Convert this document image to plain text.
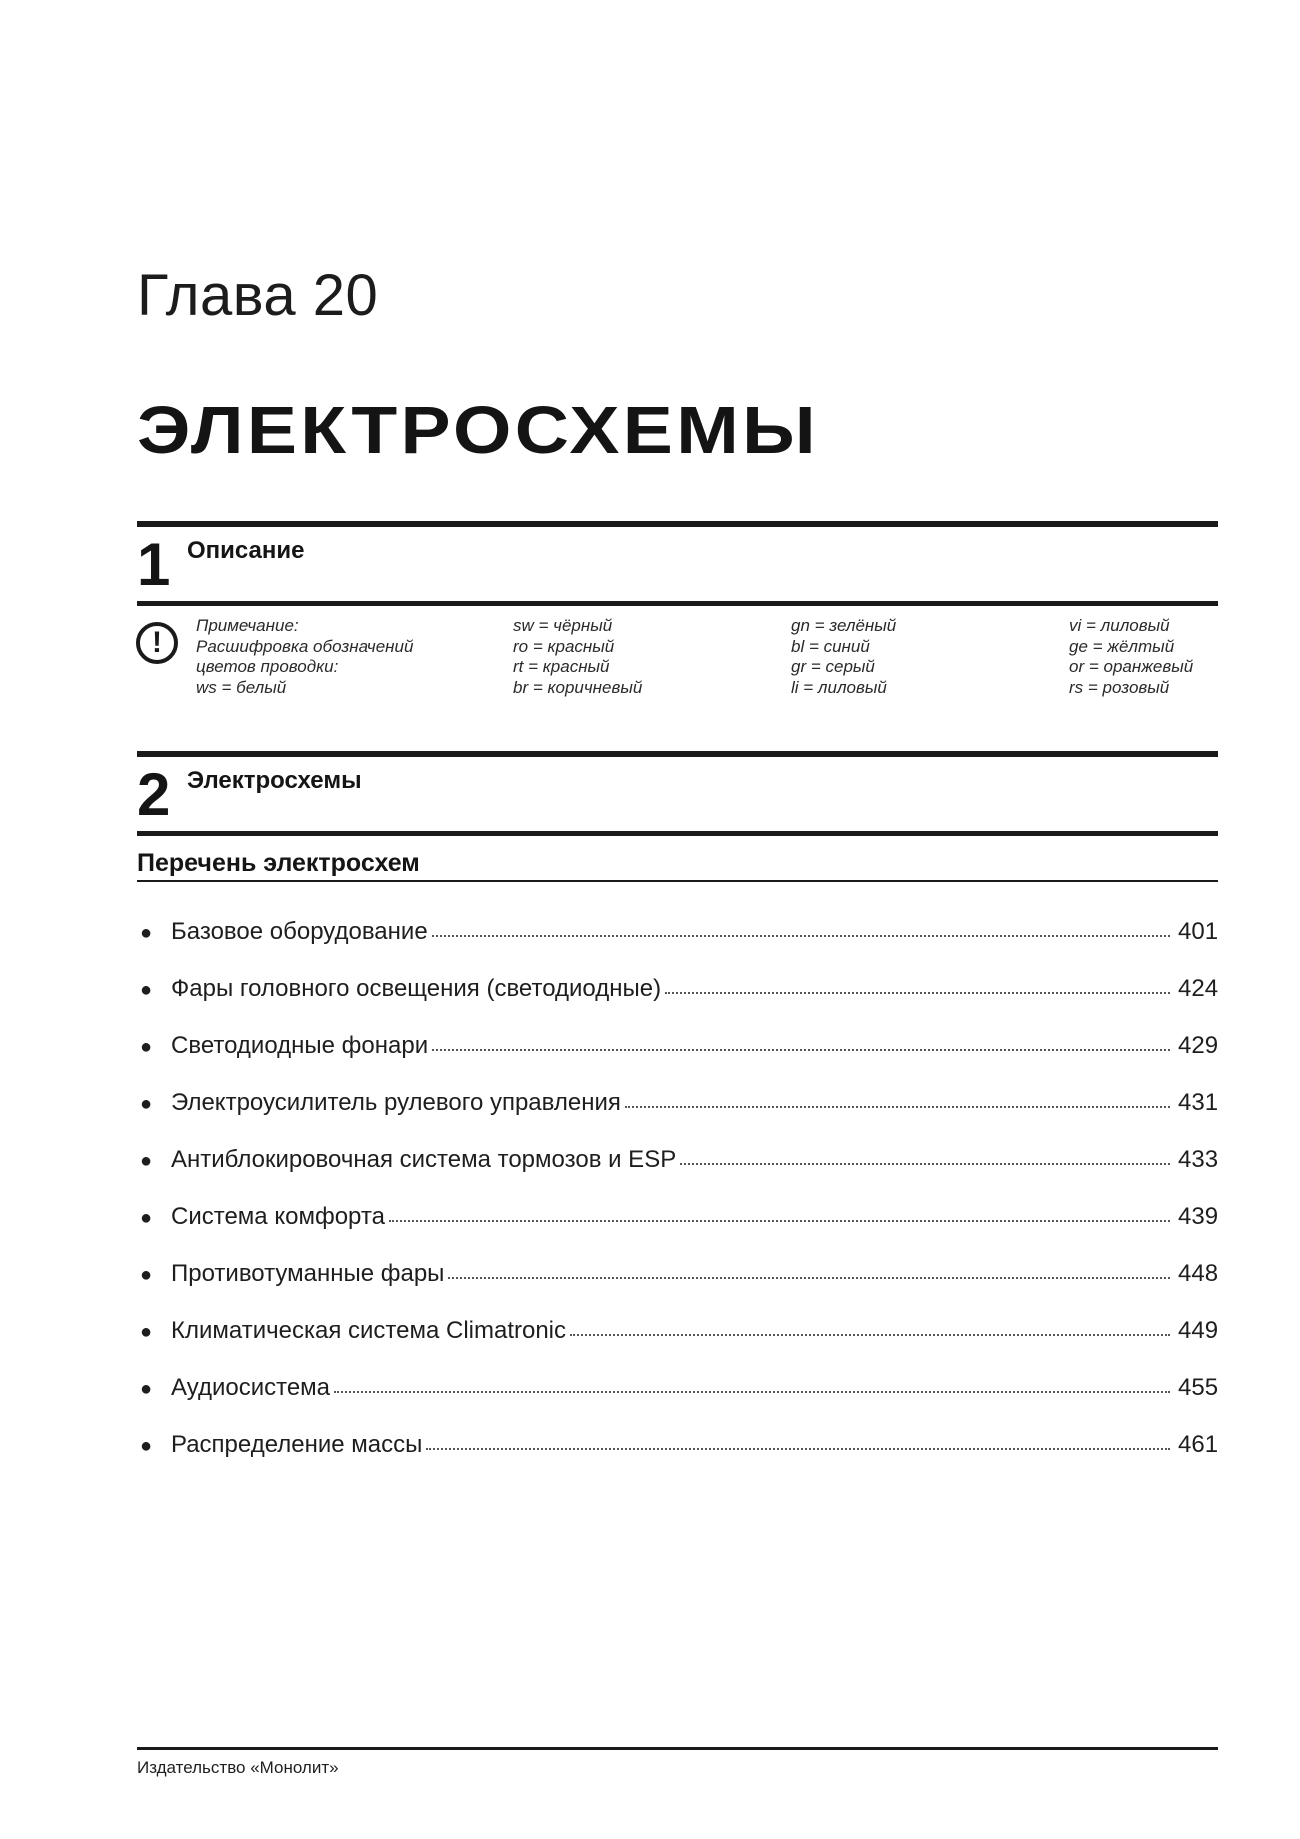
Глава 20
ЭЛЕКТРОСХЕМЫ
1 Описание
!
Примечание:
Расшифровка обозначений
цветов проводки:
ws = белый
sw = чёрный
ro = красный
rt = красный
br = коричневый
gn = зелёный
bl = синий
gr = серый
li = лиловый
vi = лиловый
ge = жёлтый
or = оранжевый
rs = розовый
2 Электросхемы
Перечень электросхем
● Базовое оборудование	401
● Фары головного освещения (светодиодные)	424
● Светодиодные фонари	429
● Электроусилитель рулевого управления	431
● Антиблокировочная система тормозов и ESP	433
● Система комфорта	439
● Противотуманные фары	448
● Климатическая система Climatronic	449
● Аудиосистема	455
● Распределение массы	461
Издательство «Монолит»
